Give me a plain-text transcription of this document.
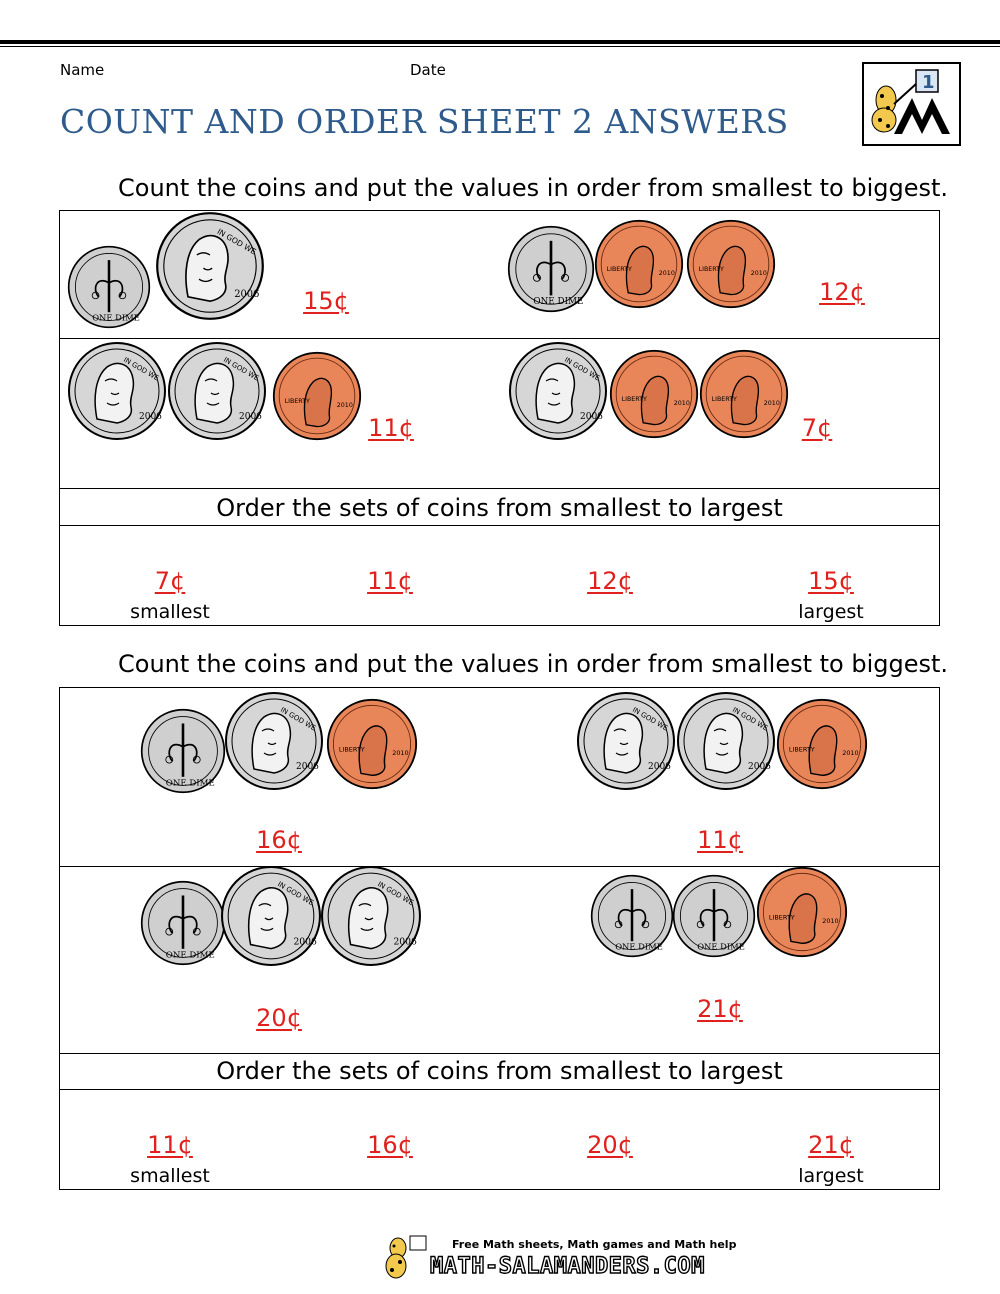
Name	Date
COUNT AND ORDER SHEET 2 ANSWERS
1
Count the coins and put the values in order from smallest to biggest.
15¢	12¢
11¢	7¢
Order the sets of coins from smallest to largest
7¢	11¢	12¢	15¢
smallest	largest
Count the coins and put the values in order from smallest to biggest.
16¢	11¢
20¢	21¢
Order the sets of coins from smallest to largest
11¢	16¢	20¢	21¢
smallest	largest
Free Math sheets, Math games and Math help
MATH-SALAMANDERS.COM
